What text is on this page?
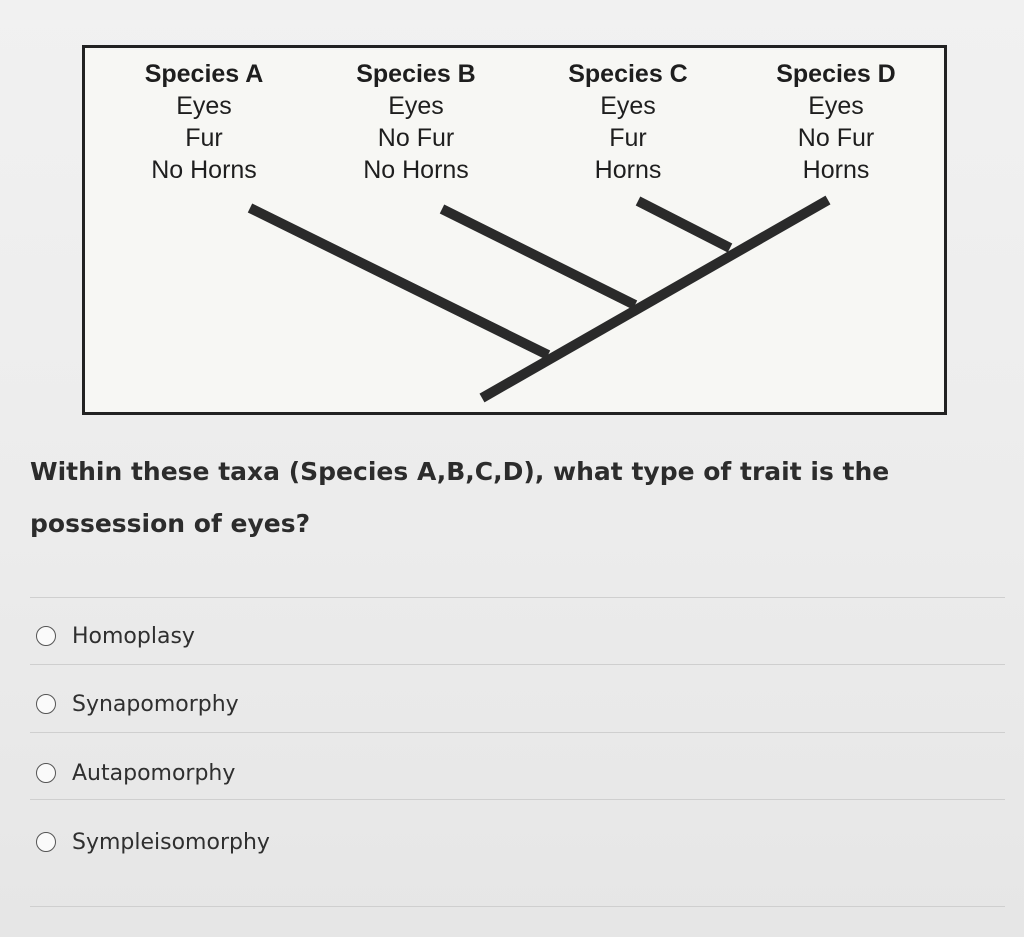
Species A
Eyes
Fur
No Horns
Species B
Eyes
No Fur
No Horns
Species C
Eyes
Fur
Horns
Species D
Eyes
No Fur
Horns
Within these taxa (Species A,B,C,D), what type of trait is the possession of eyes?
Homoplasy
Synapomorphy
Autapomorphy
Sympleisomorphy
